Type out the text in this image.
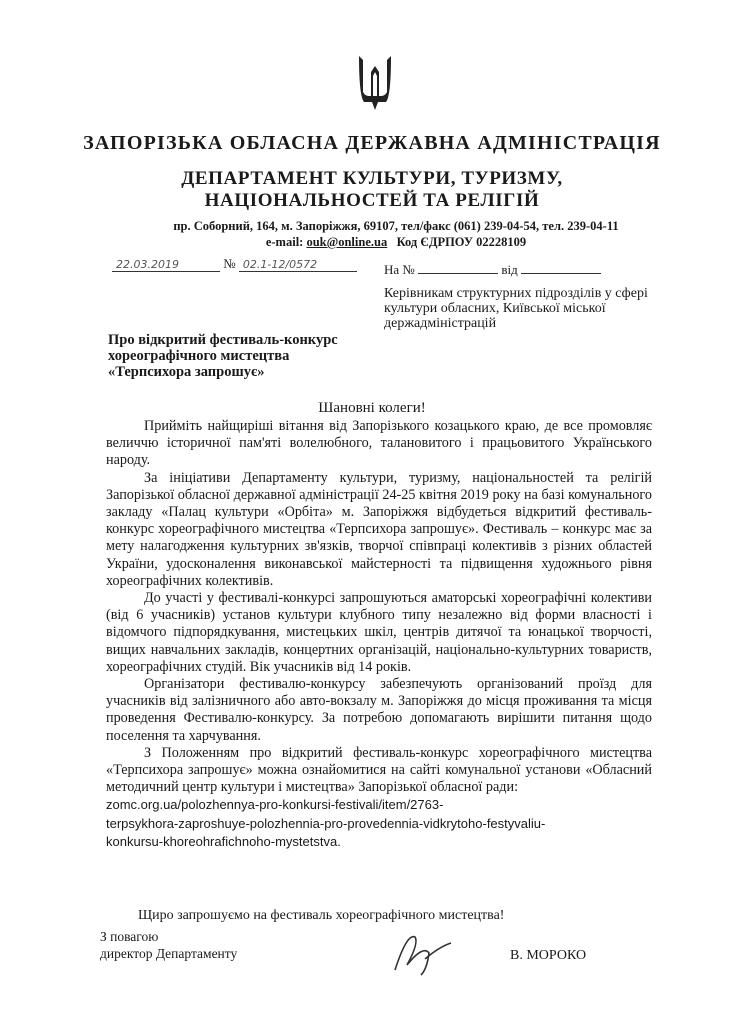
ЗАПОРІЗЬКА ОБЛАСНА ДЕРЖАВНА АДМІНІСТРАЦІЯ
ДЕПАРТАМЕНТ КУЛЬТУРИ, ТУРИЗМУ,
НАЦІОНАЛЬНОСТЕЙ ТА РЕЛІГІЙ
пр. Соборний, 164, м. Запоріжжя, 69107, тел/факс (061) 239-04-54, тел. 239-04-11
e-mail: ouk@online.ua Код ЄДРПОУ 02228109
22.03.2019	№ 02.1-12/0572	На №	від
Керівникам структурних підрозділів у сфері культури обласних, Київської міської держадміністрацій
Про відкритий фестиваль-конкурс
хореографічного мистецтва
«Терпсихора запрошує»
Шановні колеги!

Прийміть найщиріші вітання від Запорізького козацького краю, де все промовляє величчю історичної пам'яті волелюбного, талановитого і працьовитого Українського народу.

За ініціативи Департаменту культури, туризму, національностей та релігій Запорізької обласної державної адміністрації 24-25 квітня 2019 року на базі комунального закладу «Палац культури «Орбіта» м. Запоріжжя відбудеться відкритий фестиваль-конкурс хореографічного мистецтва «Терпсихора запрошує». Фестиваль – конкурс має за мету налагодження культурних зв'язків, творчої співпраці колективів з різних областей України, удосконалення виконавської майстерності та підвищення художнього рівня хореографічних колективів.

До участі у фестивалі-конкурсі запрошуються аматорські хореографічні колективи (від 6 учасників) установ культури клубного типу незалежно від форми власності і відомчого підпорядкування, мистецьких шкіл, центрів дитячої та юнацької творчості, вищих навчальних закладів, концертних організацій, національно-культурних товариств, хореографічних студій. Вік учасників від 14 років.

Організатори фестивалю-конкурсу забезпечують організований проїзд для учасників від залізничного або авто-вокзалу м. Запоріжжя до місця проживання та місця проведення Фестивалю-конкурсу. За потребою допомагають вирішити питання щодо поселення та харчування.

З Положенням про відкритий фестиваль-конкурс хореографічного мистецтва «Терпсихора запрошує» можна ознайомитися на сайті комунальної установи «Обласний методичний центр культури і мистецтва» Запорізької обласної ради:

zomc.org.ua/polozhennya-pro-konkursi-festivali/item/2763-
terpsykhora-zaproshuye-polozhennia-pro-provedennia-vidkrytoho-festyvaliu-
konkursu-khoreohrafichnoho-mystetstva.

Щиро запрошуємо на фестиваль хореографічного мистецтва!
З повагою
директор Департаменту	В. МОРОКО
